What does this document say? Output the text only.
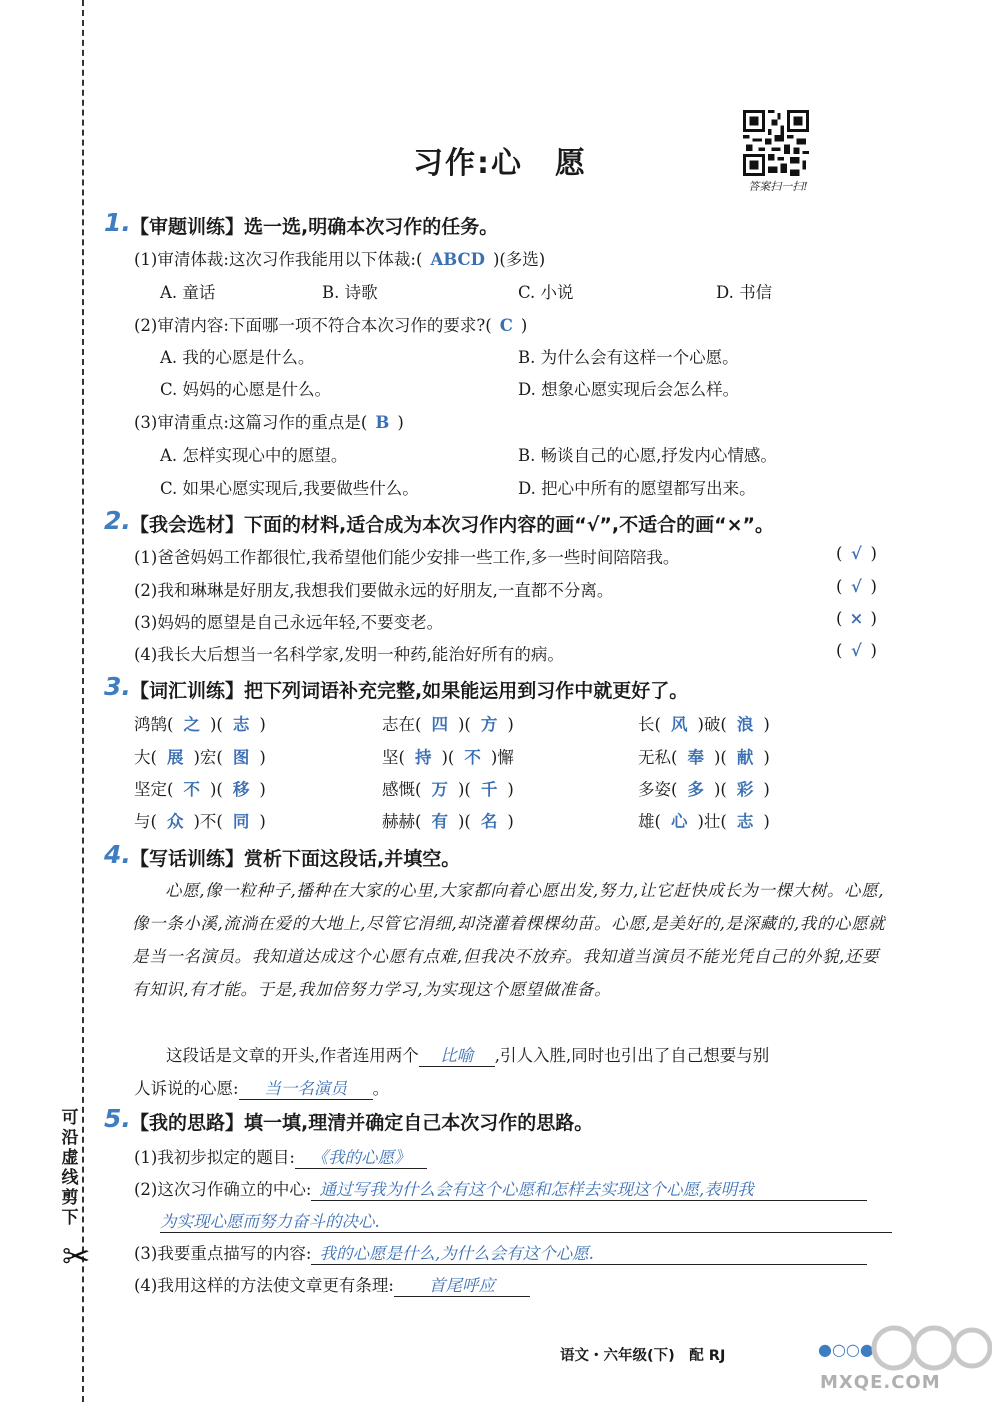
可
沿
虚
线
剪
下
✂
习作:心　愿
答案扫一扫!
1. 【审题训练】选一选,明确本次习作的任务。
(1)审清体裁:这次习作我能用以下体裁:( ABCD )(多选)
A. 童话	B. 诗歌	C. 小说	D. 书信
(2)审清内容:下面哪一项不符合本次习作的要求?( C )
A. 我的心愿是什么。	B. 为什么会有这样一个心愿。
C. 妈妈的心愿是什么。	D. 想象心愿实现后会怎么样。
(3)审清重点:这篇习作的重点是( B )
A. 怎样实现心中的愿望。	B. 畅谈自己的心愿,抒发内心情感。
C. 如果心愿实现后,我要做些什么。	D. 把心中所有的愿望都写出来。
2. 【我会选材】下面的材料,适合成为本次习作内容的画“√”,不适合的画“×”。
(1)爸爸妈妈工作都很忙,我希望他们能少安排一些工作,多一些时间陪陪我。	( √ )
(2)我和琳琳是好朋友,我想我们要做永远的好朋友,一直都不分离。	( √ )
(3)妈妈的愿望是自己永远年轻,不要变老。	( × )
(4)我长大后想当一名科学家,发明一种药,能治好所有的病。	( √ )
3. 【词汇训练】把下列词语补充完整,如果能运用到习作中就更好了。
鸿鹄( 之 )( 志 )	志在( 四 )( 方 )	长( 风 )破( 浪 )
大( 展 )宏( 图 )	坚( 持 )( 不 )懈	无私( 奉 )( 献 )
坚定( 不 )( 移 )	感慨( 万 )( 千 )	多姿( 多 )( 彩 )
与( 众 )不( 同 )	赫赫( 有 )( 名 )	雄( 心 )壮( 志 )
4. 【写话训练】赏析下面这段话,并填空。
心愿,像一粒种子,播种在大家的心里,大家都向着心愿出发,努力,让它赶快成长为一棵大树。心愿,像一条小溪,流淌在爱的大地上,尽管它涓细,却浇灌着棵棵幼苗。心愿,是美好的,是深藏的,我的心愿就是当一名演员。我知道达成这个心愿有点难,但我决不放弃。我知道当演员不能光凭自己的外貌,还要有知识,有才能。于是,我加倍努力学习,为实现这个愿望做准备。
这段话是文章的开头,作者连用两个 比喻 ,引人入胜,同时也引出了自己想要与别
人诉说的心愿: 当一名演员 。
5. 【我的思路】填一填,理清并确定自己本次习作的思路。
(1)我初步拟定的题目: 《我的心愿》
(2)这次习作确立的中心: 通过写我为什么会有这个心愿和怎样去实现这个心愿,表明我
为实现心愿而努力奋斗的决心.
(3)我要重点描写的内容: 我的心愿是什么,为什么会有这个心愿.
(4)我用这样的方法使文章更有条理: 首尾呼应
语文・六年级(下)　配 RJ	●○○●
MXQE.COM
